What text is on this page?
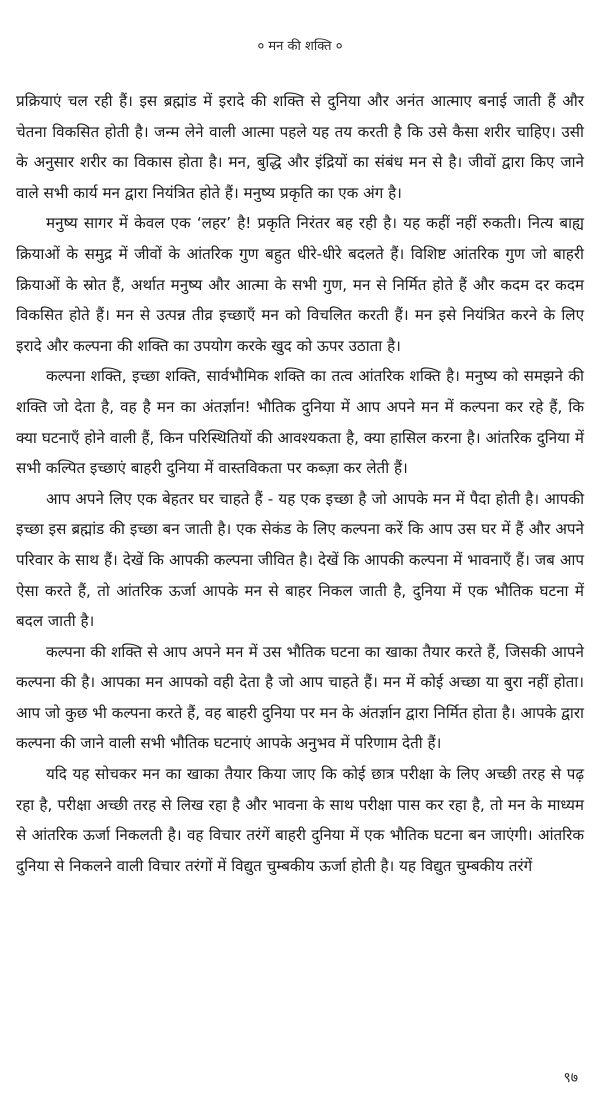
० मन की शक्ति ०

प्रक्रियाएं चल रही हैं। इस ब्रह्मांड में इरादे की शक्ति से दुनिया और अनंत आत्माए बनाई जाती हैं और चेतना विकसित होती है। जन्म लेने वाली आत्मा पहले यह तय करती है कि उसे कैसा शरीर चाहिए। उसी के अनुसार शरीर का विकास होता है। मन, बुद्धि और इंद्रियों का संबंध मन से है। जीवों द्वारा किए जाने वाले सभी कार्य मन द्वारा नियंत्रित होते हैं। मनुष्य प्रकृति का एक अंग है।

मनुष्य सागर में केवल एक ‘लहर’ है! प्रकृति निरंतर बह रही है। यह कहीं नहीं रुकती। नित्य बाह्य क्रियाओं के समुद्र में जीवों के आंतरिक गुण बहुत धीरे-धीरे बदलते हैं। विशिष्ट आंतरिक गुण जो बाहरी क्रियाओं के स्रोत हैं, अर्थात मनुष्य और आत्मा के सभी गुण, मन से निर्मित होते हैं और कदम दर कदम विकसित होते हैं। मन से उत्पन्न तीव्र इच्छाएँ मन को विचलित करती हैं। मन इसे नियंत्रित करने के लिए इरादे और कल्पना की शक्ति का उपयोग करके खुद को ऊपर उठाता है।

कल्पना शक्ति, इच्छा शक्ति, सार्वभौमिक शक्ति का तत्व आंतरिक शक्ति है। मनुष्य को समझने की शक्ति जो देता है, वह है मन का अंतर्ज्ञान! भौतिक दुनिया में आप अपने मन में कल्पना कर रहे हैं, कि क्या घटनाएँ होने वाली हैं, किन परिस्थितियों की आवश्यकता है, क्या हासिल करना है। आंतरिक दुनिया में सभी कल्पित इच्छाएं बाहरी दुनिया में वास्तविकता पर कब्ज़ा कर लेती हैं।

आप अपने लिए एक बेहतर घर चाहते हैं - यह एक इच्छा है जो आपके मन में पैदा होती है। आपकी इच्छा इस ब्रह्मांड की इच्छा बन जाती है। एक सेकंड के लिए कल्पना करें कि आप उस घर में हैं और अपने परिवार के साथ हैं। देखें कि आपकी कल्पना जीवित है। देखें कि आपकी कल्पना में भावनाएँ हैं। जब आप ऐसा करते हैं, तो आंतरिक ऊर्जा आपके मन से बाहर निकल जाती है, दुनिया में एक भौतिक घटना में बदल जाती है।

कल्पना की शक्ति से आप अपने मन में उस भौतिक घटना का खाका तैयार करते हैं, जिसकी आपने कल्पना की है। आपका मन आपको वही देता है जो आप चाहते हैं। मन में कोई अच्छा या बुरा नहीं होता। आप जो कुछ भी कल्पना करते हैं, वह बाहरी दुनिया पर मन के अंतर्ज्ञान द्वारा निर्मित होता है। आपके द्वारा कल्पना की जाने वाली सभी भौतिक घटनाएं आपके अनुभव में परिणाम देती हैं।

यदि यह सोचकर मन का खाका तैयार किया जाए कि कोई छात्र परीक्षा के लिए अच्छी तरह से पढ़ रहा है, परीक्षा अच्छी तरह से लिख रहा है और भावना के साथ परीक्षा पास कर रहा है, तो मन के माध्यम से आंतरिक ऊर्जा निकलती है। वह विचार तरंगें बाहरी दुनिया में एक भौतिक घटना बन जाएंगी। आंतरिक दुनिया से निकलने वाली विचार तरंगों में विद्युत चुम्बकीय ऊर्जा होती है। यह विद्युत चुम्बकीय तरंगें

९७
